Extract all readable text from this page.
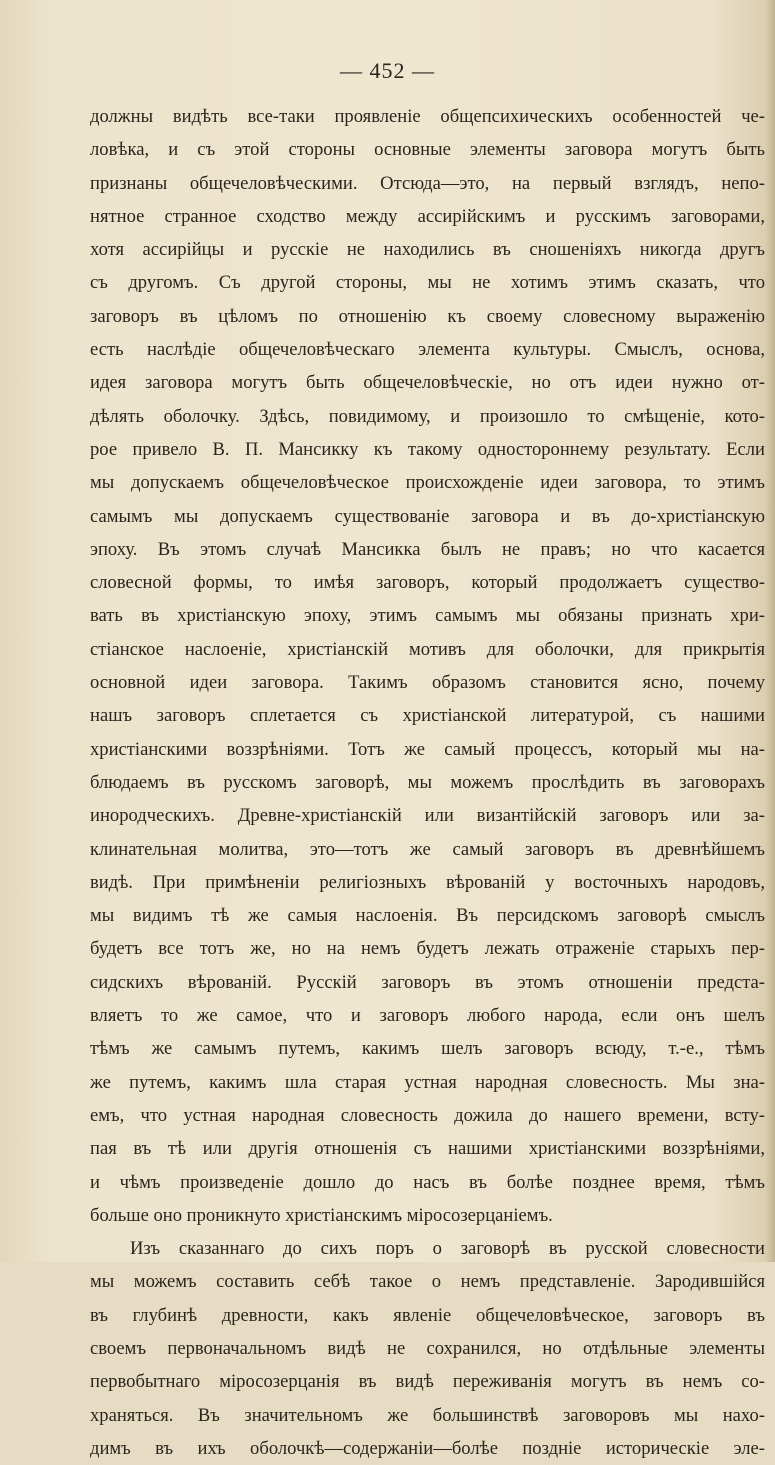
— 452 —
должны видѣть все-таки проявленіе общепсихическихъ особенностей че-
ловѣка, и съ этой стороны основные элементы заговора могутъ быть
признаны общечеловѣческими. Отсюда—это, на первый взглядъ, непо-
нятное странное сходство между ассирійскимъ и русскимъ заговорами,
хотя ассирійцы и русскіе не находились въ сношеніяхъ никогда другъ
съ другомъ. Съ другой стороны, мы не хотимъ этимъ сказать, что
заговоръ въ цѣломъ по отношенію къ своему словесному выраженію
есть наслѣдіе общечеловѣческаго элемента культуры. Смыслъ, основа,
идея заговора могутъ быть общечеловѣческіе, но отъ идеи нужно от-
дѣлять оболочку. Здѣсь, повидимому, и произошло то смѣщеніе, кото-
рое привело В. П. Мансикку къ такому одностороннему результату. Если
мы допускаемъ общечеловѣческое происхожденіе идеи заговора, то этимъ
самымъ мы допускаемъ существованіе заговора и въ до-христіанскую
эпоху. Въ этомъ случаѣ Мансикка былъ не правъ; но что касается
словесной формы, то имѣя заговоръ, который продолжаетъ существо-
вать въ христіанскую эпоху, этимъ самымъ мы обязаны признать хри-
стіанское наслоеніе, христіанскій мотивъ для оболочки, для прикрытія
основной идеи заговора. Такимъ образомъ становится ясно, почему
нашъ заговоръ сплетается съ христіанской литературой, съ нашими
христіанскими воззрѣніями. Тотъ же самый процессъ, который мы на-
блюдаемъ въ русскомъ заговорѣ, мы можемъ прослѣдить въ заговорахъ
инородческихъ. Древне-христіанскій или византійскій заговоръ или за-
клинательная молитва, это—тотъ же самый заговоръ въ древнѣйшемъ
видѣ. При примѣненіи религіозныхъ вѣрованій у восточныхъ народовъ,
мы видимъ тѣ же самыя наслоенія. Въ персидскомъ заговорѣ смыслъ
будетъ все тотъ же, но на немъ будетъ лежать отраженіе старыхъ пер-
сидскихъ вѣрованій. Русскій заговоръ въ этомъ отношеніи предста-
вляетъ то же самое, что и заговоръ любого народа, если онъ шелъ
тѣмъ же самымъ путемъ, какимъ шелъ заговоръ всюду, т.-е., тѣмъ
же путемъ, какимъ шла старая устная народная словесность. Мы зна-
емъ, что устная народная словесность дожила до нашего времени, всту-
пая въ тѣ или другія отношенія съ нашими христіанскими воззрѣніями,
и чѣмъ произведеніе дошло до насъ въ болѣе позднее время, тѣмъ
больше оно проникнуто христіанскимъ міросозерцаніемъ.
Изъ сказаннаго до сихъ поръ о заговорѣ въ русской словесности
мы можемъ составить себѣ такое о немъ представленіе. Зародившійся
въ глубинѣ древности, какъ явленіе общечеловѣческое, заговоръ въ
своемъ первоначальномъ видѣ не сохранился, но отдѣльные элементы
первобытнаго міросозерцанія въ видѣ переживанія могутъ въ немъ со-
храняться. Въ значительномъ же большинствѣ заговоровъ мы нахо-
димъ въ ихъ оболочкѣ—содержаніи—болѣе поздніе историческіе эле-
